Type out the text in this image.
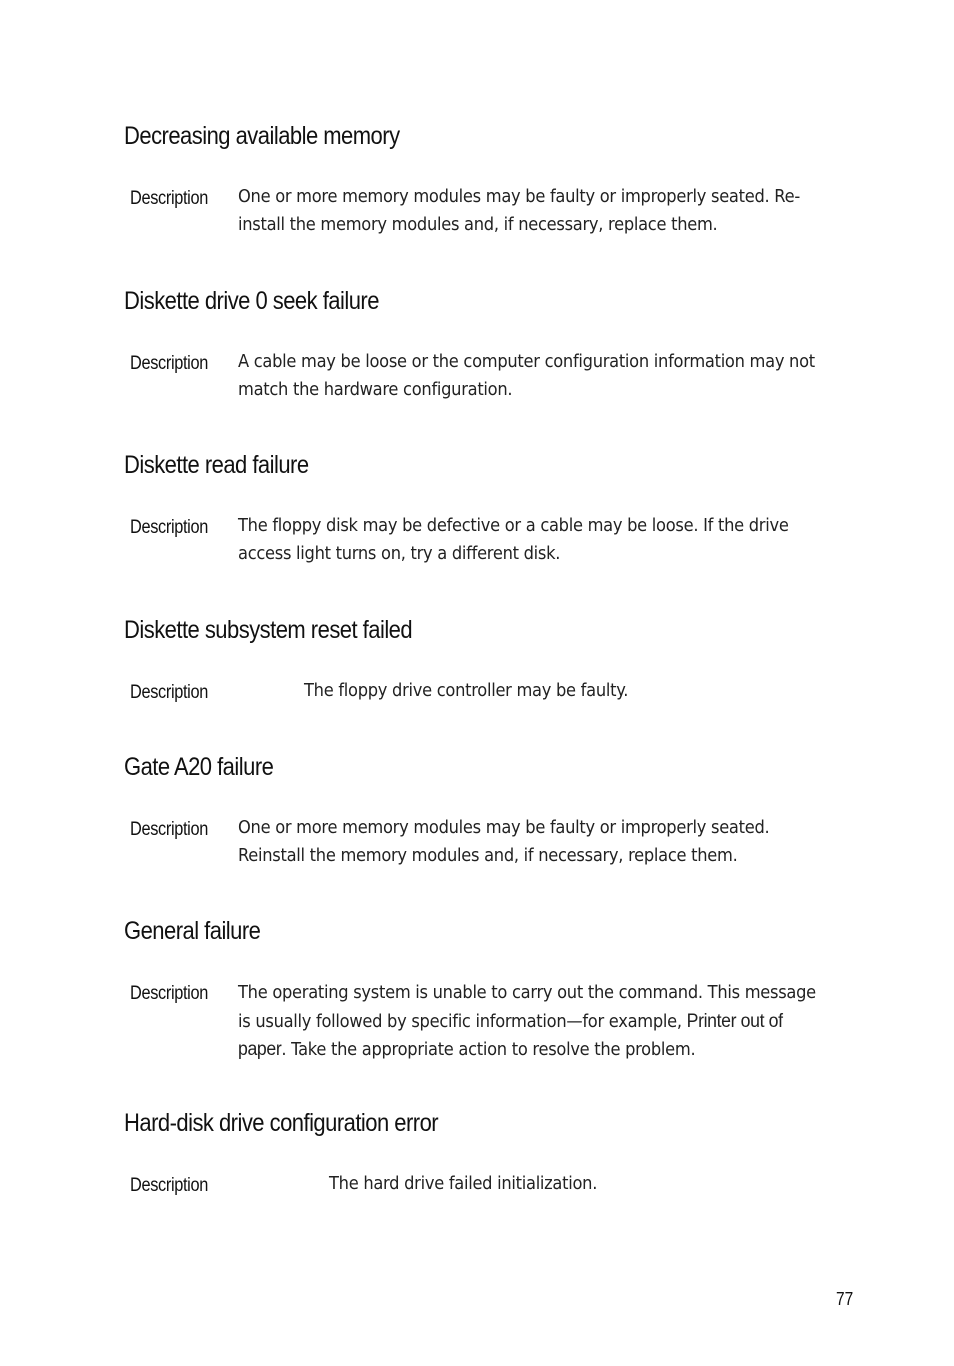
Decreasing available memory
Description One or more memory modules may be faulty or improperly seated. Re-
install the memory modules and, if necessary, replace them.
Diskette drive 0 seek failure
Description A cable may be loose or the computer configuration information may not
match the hardware configuration.
Diskette read failure
Description The floppy disk may be defective or a cable may be loose. If the drive
access light turns on, try a different disk.
Diskette subsystem reset failed
Description	The floppy drive controller may be faulty.
Gate A20 failure
Description One or more memory modules may be faulty or improperly seated.
Reinstall the memory modules and, if necessary, replace them.
General failure
Description The operating system is unable to carry out the command. This message
is usually followed by specific information—for example, Printer out of
paper. Take the appropriate action to resolve the problem.
Hard-disk drive configuration error
Description	The hard drive failed initialization.
77
